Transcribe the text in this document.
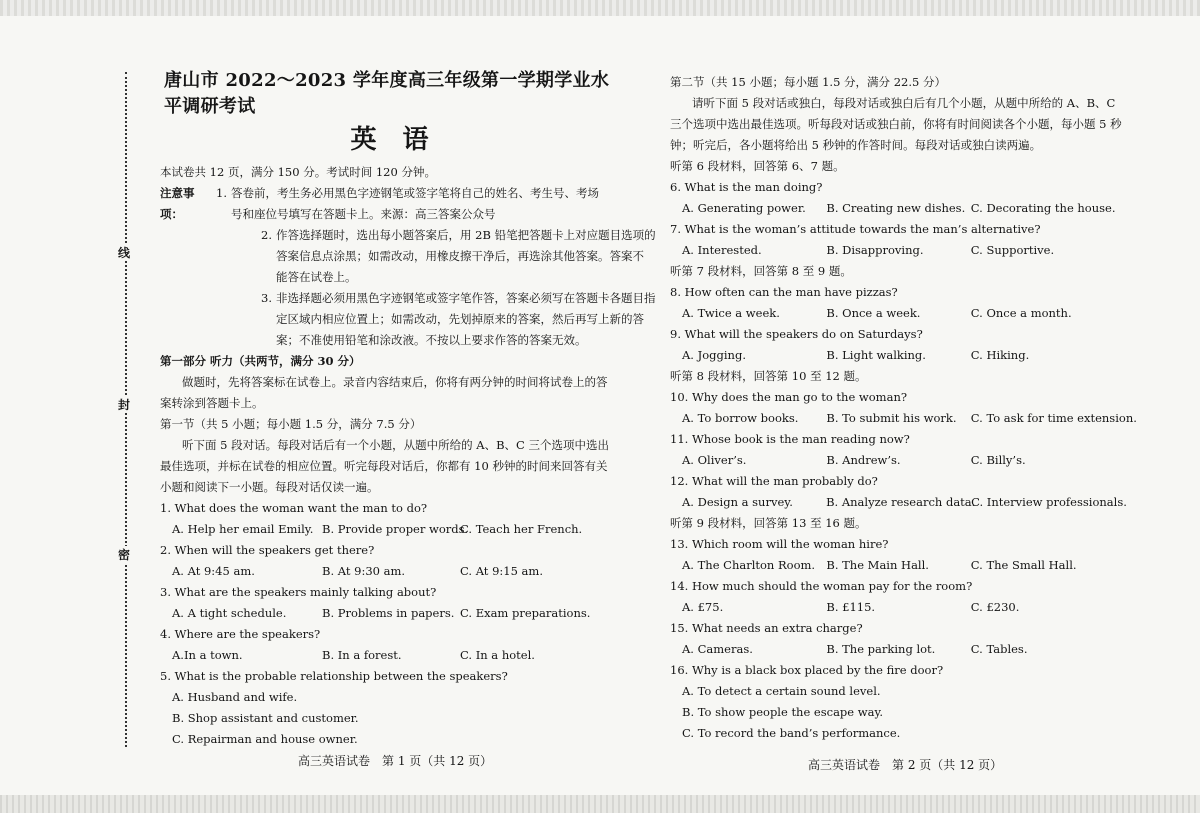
线
封
密
唐山市 2022～2023 学年度高三年级第一学期学业水平调研考试
英语
本试卷共 12 页，满分 150 分。考试时间 120 分钟。
注意事项：
1. 答卷前，考生务必用黑色字迹钢笔或签字笔将自己的姓名、考生号、考场
号和座位号填写在答题卡上。来源：高三答案公众号
2. 作答选择题时，选出每小题答案后，用 2B 铅笔把答题卡上对应题目选项的
答案信息点涂黑；如需改动，用橡皮擦干净后，再选涂其他答案。答案不
能答在试卷上。
3. 非选择题必须用黑色字迹钢笔或签字笔作答，答案必须写在答题卡各题目指
定区域内相应位置上；如需改动，先划掉原来的答案，然后再写上新的答
案；不准使用铅笔和涂改液。不按以上要求作答的答案无效。
第一部分 听力（共两节，满分 30 分）
做题时，先将答案标在试卷上。录音内容结束后，你将有两分钟的时间将试卷上的答
案转涂到答题卡上。
第一节（共 5 小题；每小题 1.5 分，满分 7.5 分）
听下面 5 段对话。每段对话后有一个小题，从题中所给的 A、B、C 三个选项中选出
最佳选项，并标在试卷的相应位置。听完每段对话后，你都有 10 秒钟的时间来回答有关
小题和阅读下一小题。每段对话仅读一遍。
1. What does the woman want the man to do?
A. Help her email Emily. B. Provide proper words.
C. Teach her French.
2. When will the speakers get there?
A. At 9:45 am.	B. At 9:30 am.	C. At 9:15 am.
3. What are the speakers mainly talking about?
A. A tight schedule.	B. Problems in papers. C. Exam preparations.
4. Where are the speakers?
A.In a town.	B. In a forest.	C. In a hotel.
5. What is the probable relationship between the speakers?
A. Husband and wife.
B. Shop assistant and customer.
C. Repairman and house owner.
第二节（共 15 小题；每小题 1.5 分，满分 22.5 分）
请听下面 5 段对话或独白，每段对话或独白后有几个小题，从题中所给的 A、B、C
三个选项中选出最佳选项。听每段对话或独白前，你将有时间阅读各个小题，每小题 5 秒
钟；听完后，各小题将给出 5 秒钟的作答时间。每段对话或独白读两遍。
听第 6 段材料，回答第 6、7 题。
6. What is the man doing?
A. Generating power.	B. Creating new dishes. C. Decorating the house.
7. What is the woman’s attitude towards the man’s alternative?
A. Interested.	B. Disapproving.	C. Supportive.
听第 7 段材料，回答第 8 至 9 题。
8. How often can the man have pizzas?
A. Twice a week.	B. Once a week.	C. Once a month.
9. What will the speakers do on Saturdays?
A. Jogging.	B. Light walking.	C. Hiking.
听第 8 段材料，回答第 10 至 12 题。
10. Why does the man go to the woman?
A. To borrow books.	B. To submit his work.	C. To ask for time extension.
11. Whose book is the man reading now?
A. Oliver’s.	B. Andrew’s.	C. Billy’s.
12. What will the man probably do?
A. Design a survey.	B. Analyze research data.
C. Interview professionals.
听第 9 段材料，回答第 13 至 16 题。
13. Which room will the woman hire?
A. The Charlton Room. B. The Main Hall.	C. The Small Hall.
14. How much should the woman pay for the room?
A. £75.	B. £115.	C. £230.
15. What needs an extra charge?
A. Cameras.	B. The parking lot.	C. Tables.
16. Why is a black box placed by the fire door?
A. To detect a certain sound level.
B. To show people the escape way.
C. To record the band’s performance.
高三英语试卷　第 1 页（共 12 页）	高三英语试卷　第 2 页（共 12 页）
